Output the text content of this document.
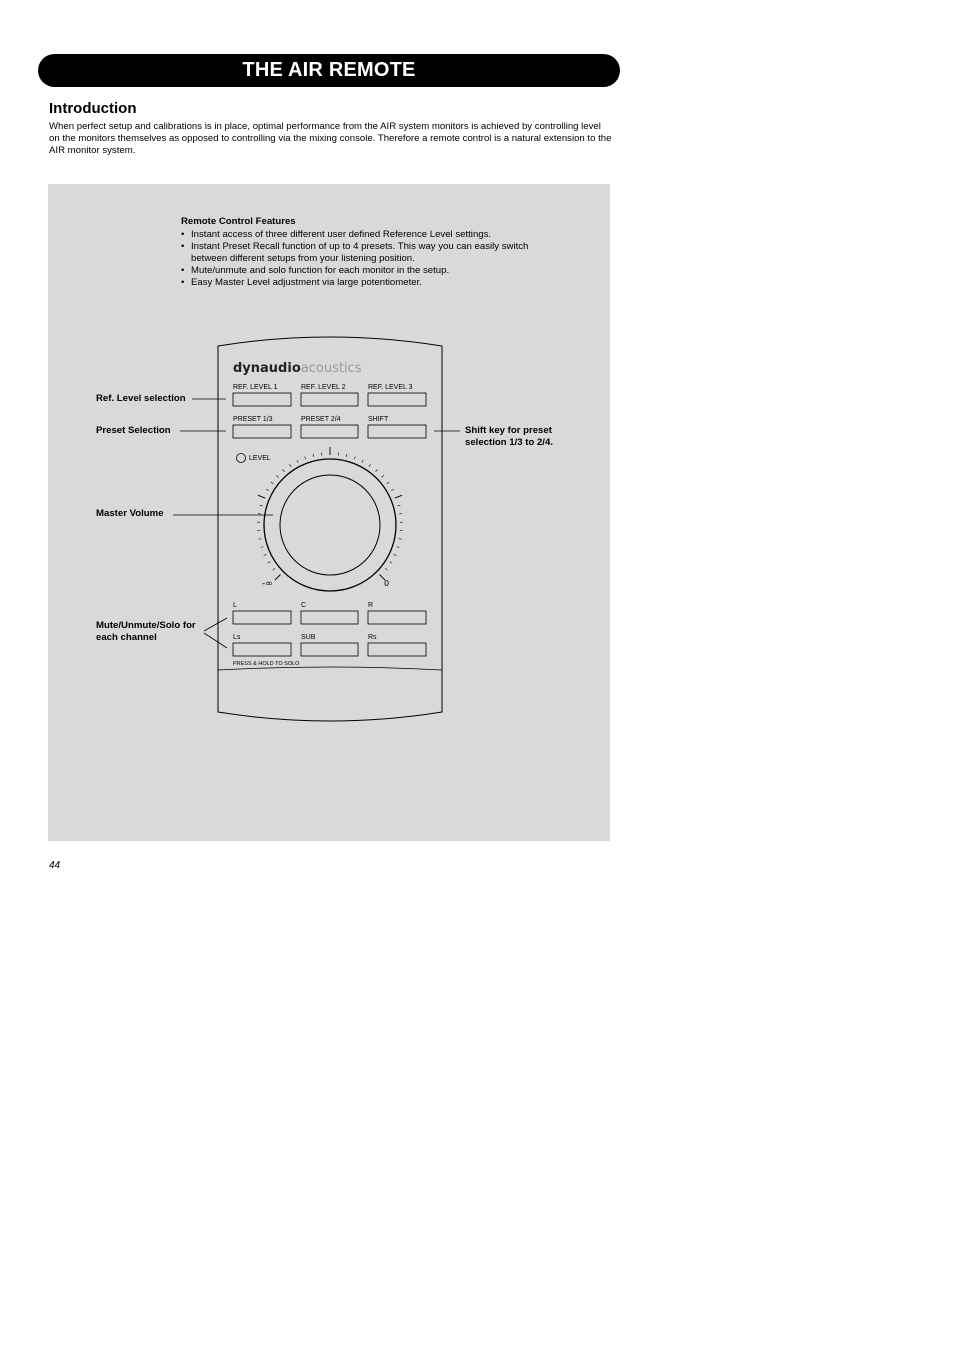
THE AIR REMOTE
Introduction
When perfect setup and calibrations is in place, optimal performance from the AIR system monitors is achieved by controlling level on the monitors themselves as opposed to controlling via the mixing console. Therefore a remote control is a natural extension to the AIR monitor system.
Remote Control Features
• Instant access of three different user defined Reference Level settings.
• Instant Preset Recall function of up to 4 presets. This way you can easily switch between different setups from your listening position.
• Mute/unmute and solo function for each monitor in the setup.
• Easy Master Level adjustment via large potentiometer.
dynaudioacoustics
REF. LEVEL 1	REF. LEVEL 2	REF. LEVEL 3
PRESET 1/3	PRESET 2/4	SHIFT
LEVEL
-∞	0
L	C	R
Ls	SUB	Rs
PRESS & HOLD TO SOLO
Ref. Level selection
Preset Selection
Master Volume
Mute/Unmute/Solo for each channel
Shift key for preset selection 1/3 to 2/4.
44
